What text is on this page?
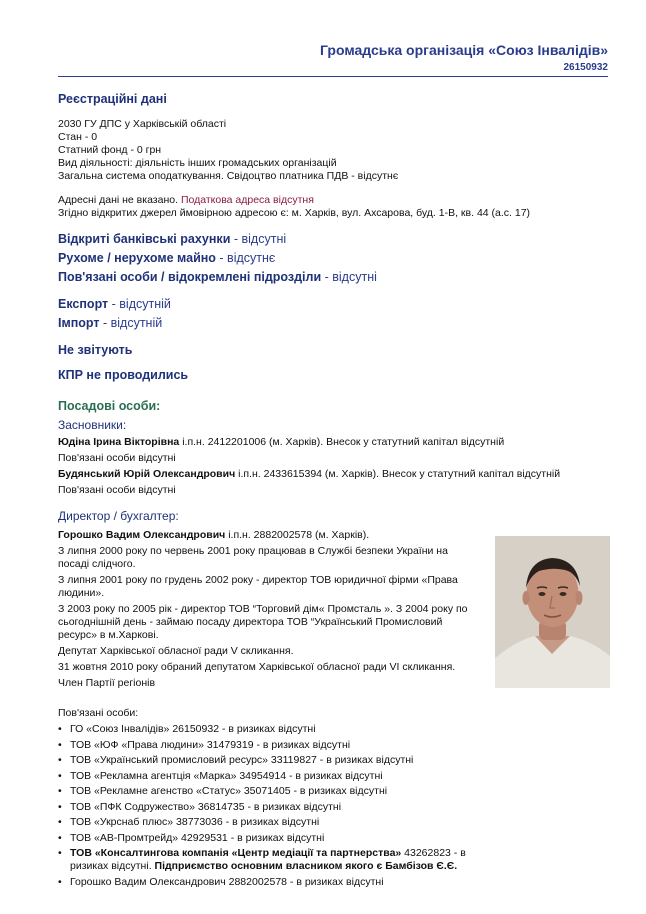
Громадська організація «Союз Інвалідів»
26150932

Реєстраційні дані

2030 ГУ ДПС у Харківській області

Стан - 0

Статний фонд - 0 грн

Вид діяльності: діяльність інших громадських організацій

Загальна система оподаткування. Свідоцтво платника ПДВ - відсутнє

Адресні дані не вказано. Податкова адреса відсутня

Згідно відкритих джерел ймовірною адресою є: м. Харків, вул. Ахсарова, буд. 1-В, кв. 44 (а.с. 17)

Відкриті банківські рахунки - відсутні

Рухоме / нерухоме майно - відсутнє

Пов'язані особи / відокремлені підрозділи - відсутні

Експорт - відсутній

Імпорт - відсутній

Не звітують

КПР не проводились

Посадові особи:

Засновники:

Юдіна Ірина Вікторівна і.п.н. 2412201006 (м. Харків). Внесок у статутний капітал відсутній

Пов'язані особи відсутні

Будянський Юрій Олександрович і.п.н. 2433615394 (м. Харків). Внесок у статутний капітал відсутній

Пов'язані особи відсутні

Директор / бухгалтер:

Горошко Вадим Олександрович і.п.н. 2882002578 (м. Харків).

З липня 2000 року по червень 2001 року працював в Службі безпеки України на посаді слідчого.

З липня 2001 року по грудень 2002 року - директор ТОВ юридичної фірми «Права людини».

З 2003 року по 2005 рік - директор ТОВ “Торговий дім« Промсталь ». З 2004 року по сьогоднішній день - займаю посаду директора ТОВ “Український Промисловий ресурс» в м.Харкові.

Депутат Харківської обласної ради V скликання.

31 жовтня 2010 року обраний депутатом Харківської обласної ради VI скликання.

Член Партії регіонів

Пов'язані особи:

• ГО «Союз Інвалідів» 26150932 - в ризиках відсутні
• ТОВ «ЮФ «Права людини» 31479319 - в ризиках відсутні
• ТОВ «Український промисловий ресурс» 33119827 - в ризиках відсутні
• ТОВ «Рекламна агентція «Марка» 34954914 - в ризиках відсутні
• ТОВ «Рекламне агенство «Статус» 35071405 - в ризиках відсутні
• ТОВ «ПФК Содружество» 36814735 - в ризиках відсутні
• ТОВ «Укрснаб плюс» 38773036 - в ризиках відсутні
• ТОВ «АВ-Промтрейд» 42929531 - в ризиках відсутні
• ТОВ «Консалтингова компанія «Центр медіації та партнерства» 43262823 - в ризиках відсутні. Підприємство основним власником якого є Бамбізов Є.Є.
• Горошко Вадим Олександрович 2882002578 - в ризиках відсутні
